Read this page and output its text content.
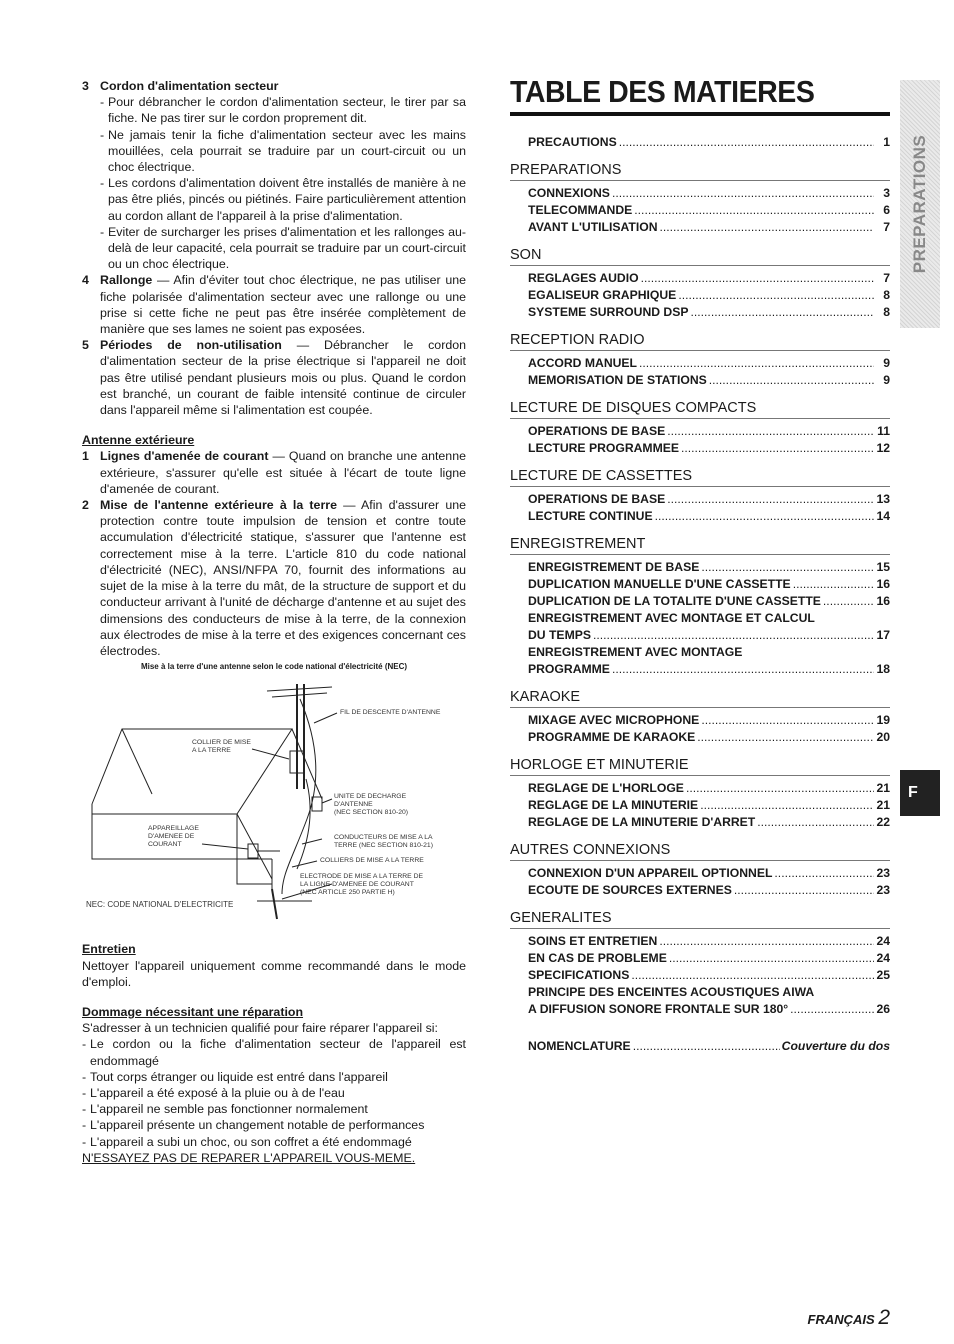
3 Cordon d'alimentation secteur
- Pour débrancher le cordon d'alimentation secteur, le tirer par sa fiche. Ne pas tirer sur le cordon proprement dit.
- Ne jamais tenir la fiche d'alimentation secteur avec les mains mouillées, cela pourrait se traduire par un court-circuit ou un choc électrique.
- Les cordons d'alimentation doivent être installés de manière à ne pas être pliés, pincés ou piétinés. Faire particulièrement attention au cordon allant de l'appareil à la prise d'alimentation.
- Eviter de surcharger les prises d'alimentation et les rallonges au-delà de leur capacité, cela pourrait se traduire par un court-circuit ou un choc électrique.
4 Rallonge — Afin d'éviter tout choc électrique, ne pas utiliser une fiche polarisée d'alimentation secteur avec une rallonge ou une prise si cette fiche ne peut pas être insérée complètement de manière que ses lames ne soient pas exposées.
5 Périodes de non-utilisation — Débrancher le cordon d'alimentation secteur de la prise électrique si l'appareil ne doit pas être utilisé pendant plusieurs mois ou plus. Quand le cordon est branché, un courant de faible intensité continue de circuler dans l'appareil même si l'alimentation est coupée.

Antenne extérieure

1 Lignes d'amenée de courant — Quand on branche une antenne extérieure, s'assurer qu'elle est située à l'écart de toute ligne d'amenée de courant.
2 Mise de l'antenne extérieure à la terre — Afin d'assurer une protection contre toute impulsion de tension et contre toute accumulation d'électricité statique, s'assurer que l'antenne est correctement mise à la terre. L'article 810 du code national d'électricité (NEC), ANSI/NFPA 70, fournit des informations au sujet de la mise à la terre du mât, de la structure de support et du conducteur arrivant à l'unité de décharge d'antenne et au sujet des dimensions des conducteurs de mise à la terre, de la connexion aux électrodes de mise à la terre et des exigences concernant ces électrodes.

Mise à la terre d'une antenne selon le code national d'électricité (NEC)

FIL DE DESCENTE D'ANTENNE
COLLIER DE MISE
A LA TERRE
UNITE DE DECHARGE
D'ANTENNE
(NEC SECTION 810-20)
APPAREILLAGE
D'AMENEE DE
COURANT
CONDUCTEURS DE MISE A LA
TERRE (NEC SECTION 810-21)
COLLIERS DE MISE A LA TERRE
ELECTRODE DE MISE A LA TERRE DE
LA LIGNE D'AMENEE DE COURANT
(NEC ARTICLE 250 PARTIE H)
NEC: CODE NATIONAL D'ELECTRICITE

Entretien

Nettoyer l'appareil uniquement comme recommandé dans le mode d'emploi.

Dommage nécessitant une réparation

S'adresser à un technicien qualifié pour faire réparer l'appareil si:

- Le cordon ou la fiche d'alimentation secteur de l'appareil est endommagé
- Tout corps étranger ou liquide est entré dans l'appareil
- L'appareil a été exposé à la pluie ou à de l'eau
- L'appareil ne semble pas fonctionner normalement
- L'appareil présente un changement notable de performances
- L'appareil a subi un choc, ou son coffret a été endommagé

N'ESSAYEZ PAS DE REPARER L'APPAREIL VOUS-MEME.

TABLE DES MATIERES
PRECAUTIONS .....	1
PREPARATIONS
CONNEXIONS .....	3
TELECOMMANDE .....	6
AVANT L'UTILISATION .....	7
SON
REGLAGES AUDIO .....	7
EGALISEUR GRAPHIQUE .....	8
SYSTEME SURROUND DSP .....	8
RECEPTION RADIO
ACCORD MANUEL .....	9
MEMORISATION DE STATIONS .....	9
LECTURE DE DISQUES COMPACTS
OPERATIONS DE BASE .....	11
LECTURE PROGRAMMEE .....	12
LECTURE DE CASSETTES
OPERATIONS DE BASE .....	13
LECTURE CONTINUE .....	14
ENREGISTREMENT
ENREGISTREMENT DE BASE .....	15
DUPLICATION MANUELLE D'UNE CASSETTE .....	16
DUPLICATION DE LA TOTALITE D'UNE CASSETTE .....	16
ENREGISTREMENT AVEC MONTAGE ET CALCUL
DU TEMPS .....	17
ENREGISTREMENT AVEC MONTAGE
PROGRAMME .....	18
KARAOKE
MIXAGE AVEC MICROPHONE .....	19
PROGRAMME DE KARAOKE .....	20
HORLOGE ET MINUTERIE
REGLAGE DE L'HORLOGE .....	21
REGLAGE DE LA MINUTERIE .....	21
REGLAGE DE LA MINUTERIE D'ARRET .....	22
AUTRES CONNEXIONS
CONNEXION D'UN APPAREIL OPTIONNEL .....	23
ECOUTE DE SOURCES EXTERNES .....	23
GENERALITES
SOINS ET ENTRETIEN .....	24
EN CAS DE PROBLEME .....	24
SPECIFICATIONS .....	25
PRINCIPE DES ENCEINTES ACOUSTIQUES AIWA
A DIFFUSION SONORE FRONTALE SUR 180° .....	26
NOMENCLATURE .....	Couverture du dos
PREPARATIONS
F
FRANÇAIS 2
